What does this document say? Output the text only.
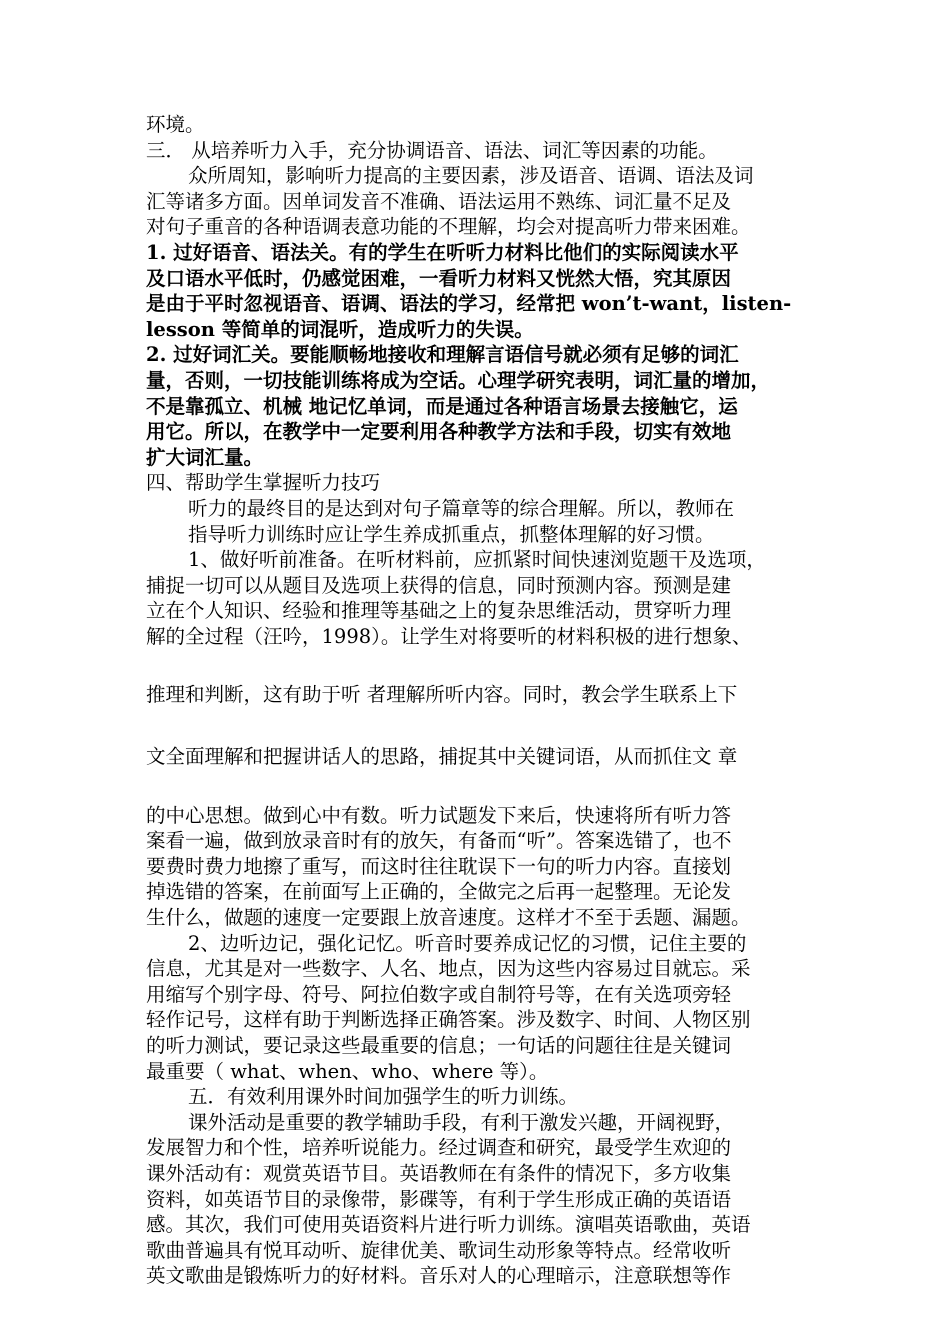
环境。
三． 从培养听力入手，充分协调语音、语法、词汇等因素的功能。
众所周知，影响听力提高的主要因素，涉及语音、语调、语法及词
汇等诸多方面。因单词发音不准确、语法运用不熟练、词汇量不足及
对句子重音的各种语调表意功能的不理解，均会对提高听力带来困难。
1. 过好语音、语法关。有的学生在听听力材料比他们的实际阅读水平
及口语水平低时，仍感觉困难，一看听力材料又恍然大悟，究其原因
是由于平时忽视语音、语调、语法的学习，经常把 won’t-want，listen-
lesson 等简单的词混听，造成听力的失误。
2. 过好词汇关。要能顺畅地接收和理解言语信号就必须有足够的词汇
量，否则，一切技能训练将成为空话。心理学研究表明，词汇量的增加，
不是靠孤立、机械 地记忆单词，而是通过各种语言场景去接触它，运
用它。所以，在教学中一定要利用各种教学方法和手段，切实有效地
扩大词汇量。
四、帮助学生掌握听力技巧
听力的最终目的是达到对句子篇章等的综合理解。所以，教师在
指导听力训练时应让学生养成抓重点，抓整体理解的好习惯。
1、做好听前准备。在听材料前，应抓紧时间快速浏览题干及选项，
捕捉一切可以从题目及选项上获得的信息，同时预测内容。预测是建
立在个人知识、经验和推理等基础之上的复杂思维活动，贯穿听力理
解的全过程（汪吟，1998）。让学生对将要听的材料积极的进行想象、
推理和判断，这有助于听 者理解所听内容。同时，教会学生联系上下
文全面理解和把握讲话人的思路，捕捉其中关键词语，从而抓住文 章
的中心思想。做到心中有数。听力试题发下来后，快速将所有听力答
案看一遍，做到放录音时有的放矢，有备而“听”。答案选错了，也不
要费时费力地擦了重写，而这时往往耽误下一句的听力内容。直接划
掉选错的答案，在前面写上正确的，全做完之后再一起整理。无论发
生什么，做题的速度一定要跟上放音速度。这样才不至于丢题、漏题。
2、边听边记，强化记忆。听音时要养成记忆的习惯，记住主要的
信息，尤其是对一些数字、人名、地点，因为这些内容易过目就忘。采
用缩写个别字母、符号、阿拉伯数字或自制符号等，在有关选项旁轻
轻作记号，这样有助于判断选择正确答案。涉及数字、时间、人物区别
的听力测试，要记录这些最重要的信息；一句话的问题往往是关键词
最重要（ what、when、who、where 等）。
五．有效利用课外时间加强学生的听力训练。
课外活动是重要的教学辅助手段，有利于激发兴趣，开阔视野，
发展智力和个性，培养听说能力。经过调查和研究，最受学生欢迎的
课外活动有：观赏英语节目。英语教师在有条件的情况下，多方收集
资料，如英语节目的录像带，影碟等，有利于学生形成正确的英语语
感。其次，我们可使用英语资料片进行听力训练。演唱英语歌曲，英语
歌曲普遍具有悦耳动听、旋律优美、歌词生动形象等特点。经常收听
英文歌曲是锻炼听力的好材料。音乐对人的心理暗示，注意联想等作
